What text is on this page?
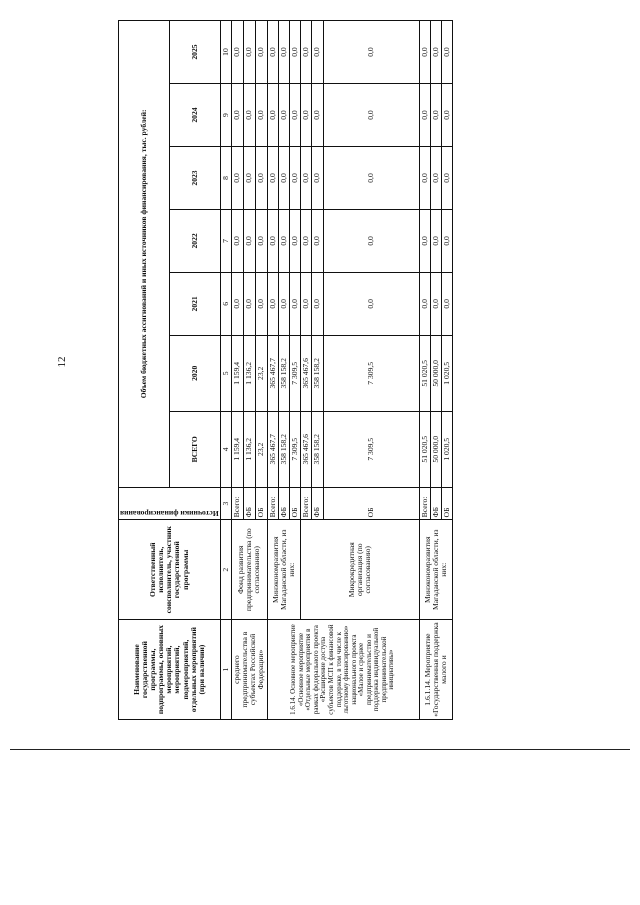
12
Наименование государственной программы, подпрограммы, основных мероприятий, мероприятий, подмероприятий, отдельных мероприятий (при наличии)	Ответственный исполнитель, соисполнитель, участник государственной программы	Источники финансирования	Объем бюджетных ассигнований и иных источников финансирования, тыс. рублей:						
			ВСЕГО	2020	2021	2022	2023	2024	2025
1	2	3	4	5	6	7	8	9	10
среднего предпринимательства в субъектах Российской Федерации»	Фонд развития предпринимательства (по согласованию)	Всего:	1 159,4	1 159,4	0,0	0,0	0,0	0,0	0,0
		ФБ	1 136,2	1 136,2	0,0	0,0	0,0	0,0	0,0
		ОБ	23,2	23,2	0,0	0,0	0,0	0,0	0,0
1.6.14. Основное мероприятие «Основное мероприятие «Отдельные мероприятия в рамках федерального проекта «Расширение доступа субъектов МСП к финансовой поддержке, в том числе к льготному финансированию» национального проекта «Малое и среднее предпринимательство и поддержка индивидуальной предпринимательской инициативы»	Минэкономразвития Магаданской области, из них:	Всего:	365 467,7	365 467,7	0,0	0,0	0,0	0,0	0,0
		ФБ	358 158,2	358 158,2	0,0	0,0	0,0	0,0	0,0
		ОБ	7 309,5	7 309,5	0,0	0,0	0,0	0,0	0,0
	Микрокредитная организация (по согласованию)	Всего:	365 467,6	365 467,6	0,0	0,0	0,0	0,0	0,0
		ФБ	358 158,2	358 158,2	0,0	0,0	0,0	0,0	0,0
		ОБ	7 309,5	7 309,5	0,0	0,0	0,0	0,0	0,0
1.6.1.14. Мероприятие «Государственная поддержка малого и	Минэкономразвития Магаданской области, из них:	Всего:	51 020,5	51 020,5	0,0	0,0	0,0	0,0	0,0
		ФБ	50 000,0	50 000,0	0,0	0,0	0,0	0,0	0,0
		ОБ	1 020,5	1 020,5	0,0	0,0	0,0	0,0	0,0
